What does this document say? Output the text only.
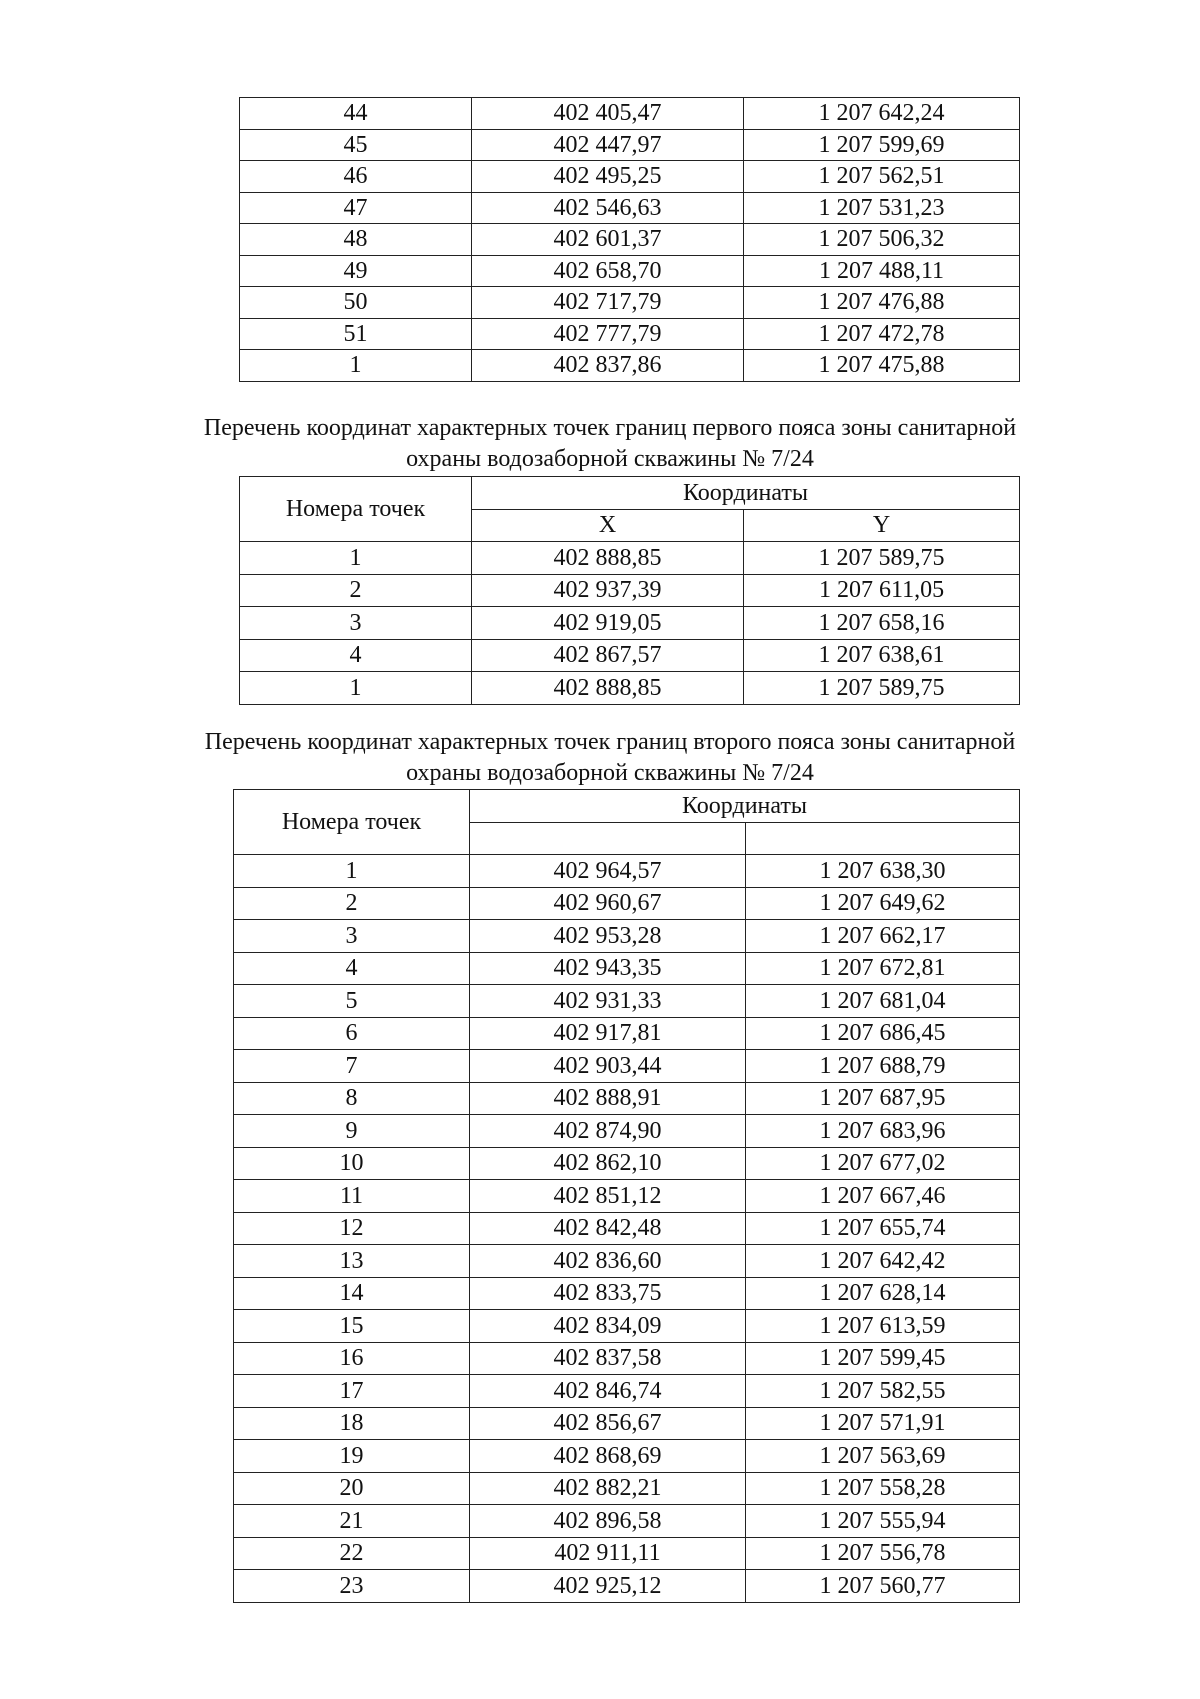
44	402 405,47	1 207 642,24
45	402 447,97	1 207 599,69
46	402 495,25	1 207 562,51
47	402 546,63	1 207 531,23
48	402 601,37	1 207 506,32
49	402 658,70	1 207 488,11
50	402 717,79	1 207 476,88
51	402 777,79	1 207 472,78
1	402 837,86	1 207 475,88
Перечень координат характерных точек границ первого пояса зоны санитарной
охраны водозаборной скважины № 7/24
Номера точек	Координаты	
	X	Y
1	402 888,85	1 207 589,75
2	402 937,39	1 207 611,05
3	402 919,05	1 207 658,16
4	402 867,57	1 207 638,61
1	402 888,85	1 207 589,75
Перечень координат характерных точек границ второго пояса зоны санитарной
охраны водозаборной скважины № 7/24
Номера точек	Координаты	

1	402 964,57	1 207 638,30
2	402 960,67	1 207 649,62
3	402 953,28	1 207 662,17
4	402 943,35	1 207 672,81
5	402 931,33	1 207 681,04
6	402 917,81	1 207 686,45
7	402 903,44	1 207 688,79
8	402 888,91	1 207 687,95
9	402 874,90	1 207 683,96
10	402 862,10	1 207 677,02
11	402 851,12	1 207 667,46
12	402 842,48	1 207 655,74
13	402 836,60	1 207 642,42
14	402 833,75	1 207 628,14
15	402 834,09	1 207 613,59
16	402 837,58	1 207 599,45
17	402 846,74	1 207 582,55
18	402 856,67	1 207 571,91
19	402 868,69	1 207 563,69
20	402 882,21	1 207 558,28
21	402 896,58	1 207 555,94
22	402 911,11	1 207 556,78
23	402 925,12	1 207 560,77
